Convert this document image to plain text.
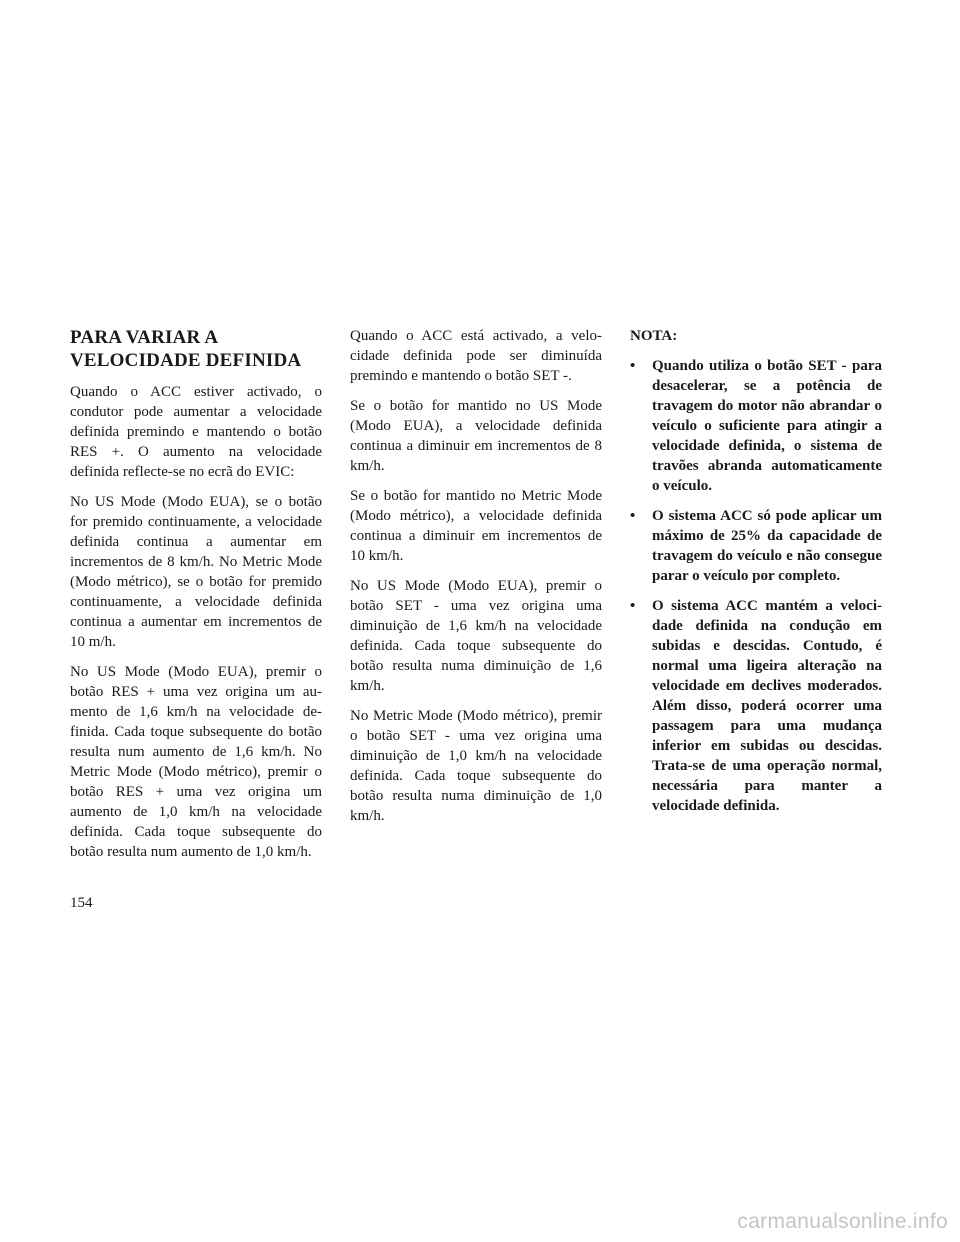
PARA VARIAR A
VELOCIDADE DEFINIDA

Quando o ACC estiver activado, o condutor pode aumentar a velocidade definida premindo e mantendo o botão RES +. O aumento na velocidade definida reflecte-se no ecrã do EVIC:

No US Mode (Modo EUA), se o botão for premido continuamente, a velocidade definida continua a aumentar em incrementos de 8 km/h. No Metric Mode (Modo métrico), se o botão for premido continuamente, a velocidade definida continua a aumentar em incrementos de 10 m/h.

No US Mode (Modo EUA), premir o botão RES + uma vez origina um aumento de 1,6 km/h na velocidade definida. Cada toque subsequente do botão resulta num aumento de 1,6 km/h. No Metric Mode (Modo métrico), premir o botão RES + uma vez origina um aumento de 1,0 km/h na velocidade definida. Cada toque subsequente do botão resulta num aumento de 1,0 km/h.

Quando o ACC está activado, a velocidade definida pode ser diminuída premindo e mantendo o botão SET -.

Se o botão for mantido no US Mode (Modo EUA), a velocidade definida continua a diminuir em incrementos de 8 km/h.

Se o botão for mantido no Metric Mode (Modo métrico), a velocidade definida continua a diminuir em incrementos de 10 km/h.

No US Mode (Modo EUA), premir o botão SET - uma vez origina uma diminuição de 1,6 km/h na velocidade definida. Cada toque subsequente do botão resulta numa diminuição de 1,6 km/h.

No Metric Mode (Modo métrico), premir o botão SET - uma vez origina uma diminuição de 1,0 km/h na velocidade definida. Cada toque subsequente do botão resulta numa diminuição de 1,0 km/h.

NOTA:
• Quando utiliza o botão SET - para desacelerar, se a potência de travagem do motor não abrandar o veículo o suficiente para atingir a velocidade definida, o sistema de travões abranda automaticamente o veículo.
• O sistema ACC só pode aplicar um máximo de 25% da capacidade de travagem do veículo e não consegue parar o veículo por completo.
• O sistema ACC mantém a velocidade definida na condução em subidas e descidas. Contudo, é normal uma ligeira alteração na velocidade em declives moderados. Além disso, poderá ocorrer uma passagem para uma mudança inferior em subidas ou descidas. Trata-se de uma operação normal, necessária para manter a velocidade definida.
154
carmanualsonline.info
